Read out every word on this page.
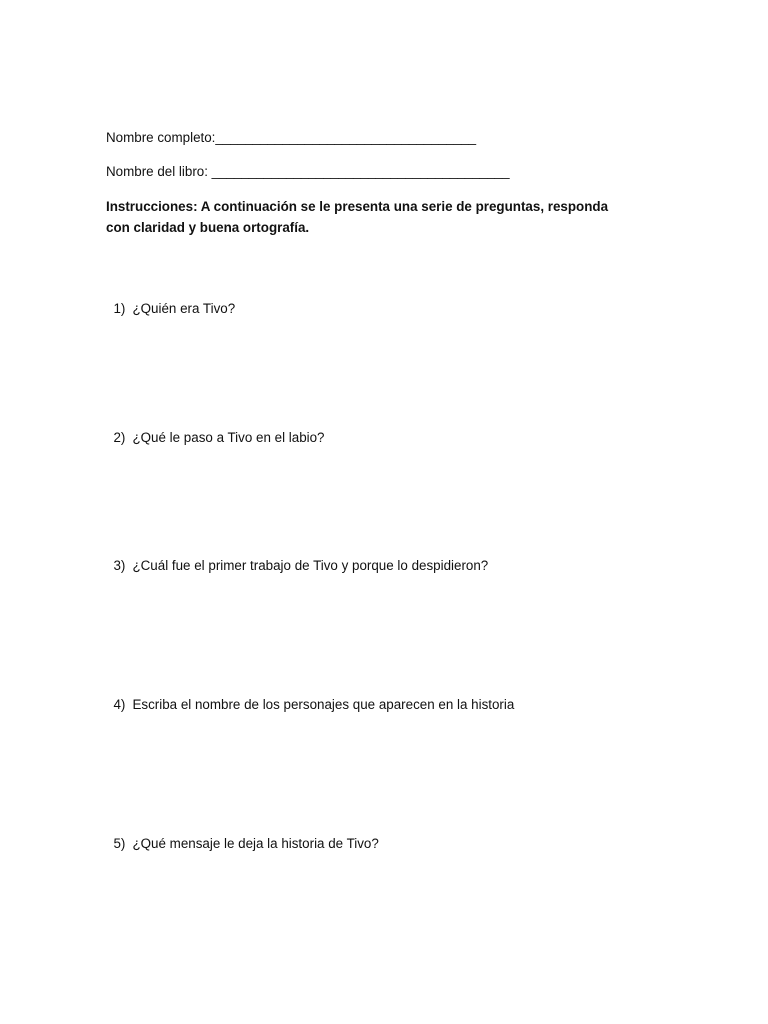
Nombre completo:___________________________________
Nombre del libro: ________________________________________
Instrucciones: A continuación se le presenta una serie de preguntas, responda
con claridad y buena ortografía.

1) ¿Quién era Tivo?

2) ¿Qué le paso a Tivo en el labio?

3) ¿Cuál fue el primer trabajo de Tivo y porque lo despidieron?

4) Escriba el nombre de los personajes que aparecen en la historia

5) ¿Qué mensaje le deja la historia de Tivo?
